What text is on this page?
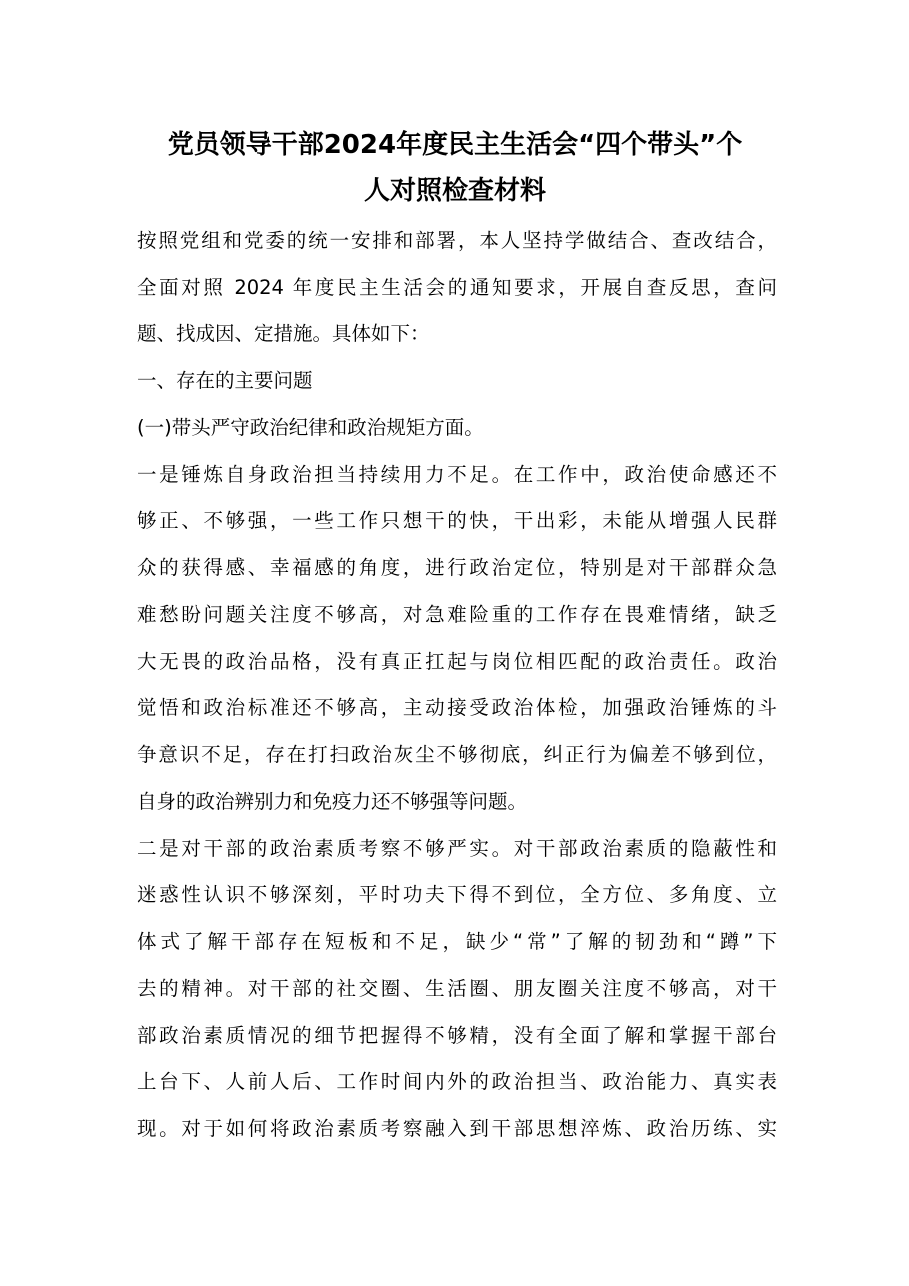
党员领导干部2024年度民主生活会“四个带头”个
人对照检查材料
按照党组和党委的统一安排和部署，本人坚持学做结合、查改结合，
全面对照 2024 年度民主生活会的通知要求，开展自查反思，查问
题、找成因、定措施。具体如下：
一、存在的主要问题
(一)带头严守政治纪律和政治规矩方面。
一是锤炼自身政治担当持续用力不足。在工作中，政治使命感还不
够正、不够强，一些工作只想干的快，干出彩，未能从增强人民群
众的获得感、幸福感的角度，进行政治定位，特别是对干部群众急
难愁盼问题关注度不够高，对急难险重的工作存在畏难情绪，缺乏
大无畏的政治品格，没有真正扛起与岗位相匹配的政治责任。政治
觉悟和政治标准还不够高，主动接受政治体检，加强政治锤炼的斗
争意识不足，存在打扫政治灰尘不够彻底，纠正行为偏差不够到位，
自身的政治辨别力和免疫力还不够强等问题。
二是对干部的政治素质考察不够严实。对干部政治素质的隐蔽性和
迷惑性认识不够深刻，平时功夫下得不到位，全方位、多角度、立
体式了解干部存在短板和不足，缺少“常”了解的韧劲和“蹲”下
去的精神。对干部的社交圈、生活圈、朋友圈关注度不够高，对干
部政治素质情况的细节把握得不够精，没有全面了解和掌握干部台
上台下、人前人后、工作时间内外的政治担当、政治能力、真实表
现。对于如何将政治素质考察融入到干部思想淬炼、政治历练、实
